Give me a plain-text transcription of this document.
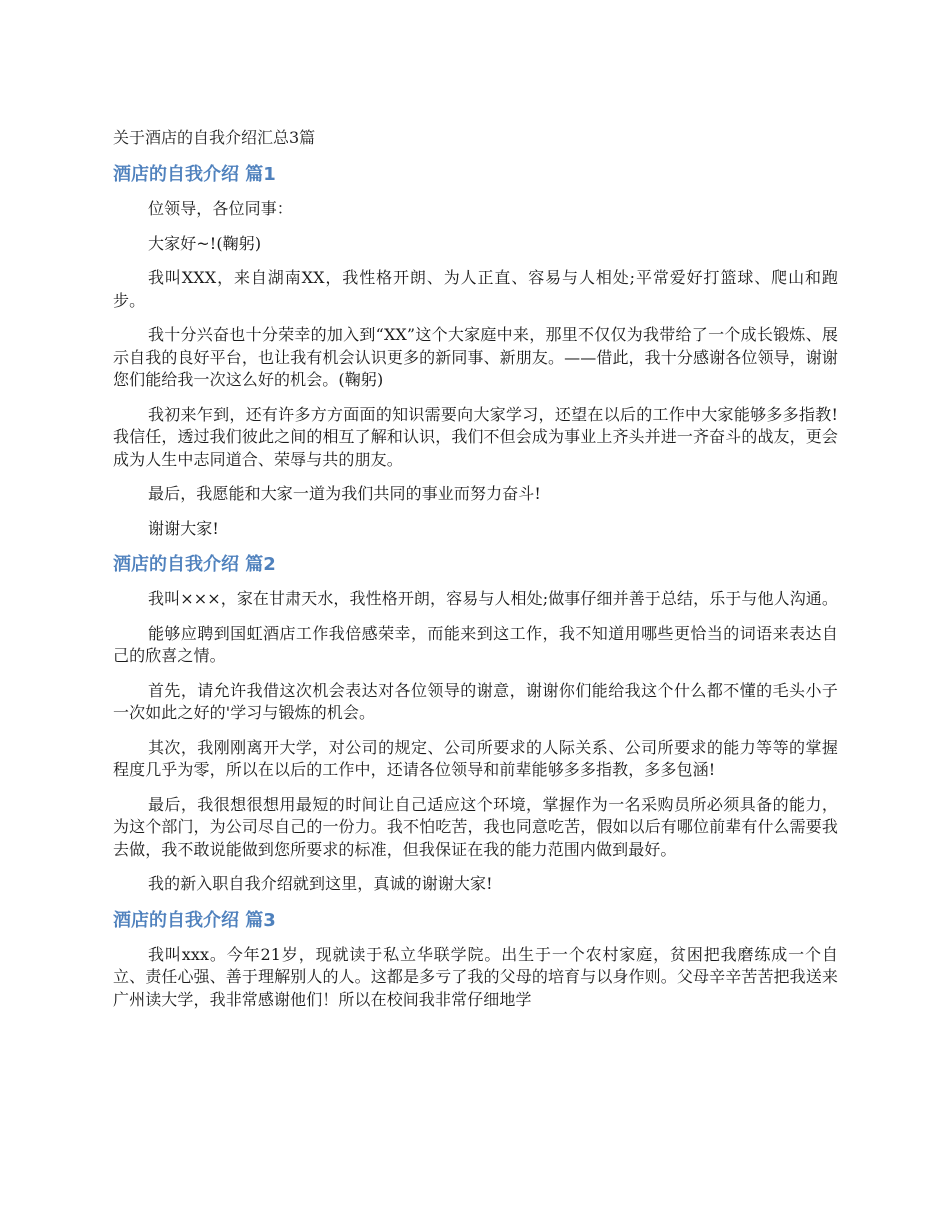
关于酒店的自我介绍汇总3篇
酒店的自我介绍 篇1

位领导，各位同事：

大家好~!(鞠躬)

我叫XXX，来自湖南XX，我性格开朗、为人正直、容易与人相处;平常爱好打篮球、爬山和跑步。

我十分兴奋也十分荣幸的加入到“XX”这个大家庭中来，那里不仅仅为我带给了一个成长锻炼、展示自我的良好平台，也让我有机会认识更多的新同事、新朋友。——借此，我十分感谢各位领导，谢谢您们能给我一次这么好的机会。(鞠躬)

我初来乍到，还有许多方方面面的知识需要向大家学习，还望在以后的工作中大家能够多多指教!我信任，透过我们彼此之间的相互了解和认识，我们不但会成为事业上齐头并进一齐奋斗的战友，更会成为人生中志同道合、荣辱与共的朋友。

最后，我愿能和大家一道为我们共同的事业而努力奋斗!

谢谢大家!

酒店的自我介绍 篇2

我叫×××，家在甘肃天水，我性格开朗，容易与人相处;做事仔细并善于总结，乐于与他人沟通。

能够应聘到国虹酒店工作我倍感荣幸，而能来到这工作，我不知道用哪些更恰当的词语来表达自己的欣喜之情。

首先，请允许我借这次机会表达对各位领导的谢意，谢谢你们能给我这个什么都不懂的毛头小子一次如此之好的'学习与锻炼的机会。

其次，我刚刚离开大学，对公司的规定、公司所要求的人际关系、公司所要求的能力等等的掌握程度几乎为零，所以在以后的工作中，还请各位领导和前辈能够多多指教，多多包涵!

最后，我很想很想用最短的时间让自己适应这个环境，掌握作为一名采购员所必须具备的能力，为这个部门，为公司尽自己的一份力。我不怕吃苦，我也同意吃苦，假如以后有哪位前辈有什么需要我去做，我不敢说能做到您所要求的标准，但我保证在我的能力范围内做到最好。

我的新入职自我介绍就到这里，真诚的谢谢大家!

酒店的自我介绍 篇3

我叫xxx。今年21岁，现就读于私立华联学院。出生于一个农村家庭，贫困把我磨练成一个自立、责任心强、善于理解别人的人。这都是多亏了我的父母的培育与以身作则。父母辛辛苦苦把我送来广州读大学，我非常感谢他们！所以在校间我非常仔细地学
